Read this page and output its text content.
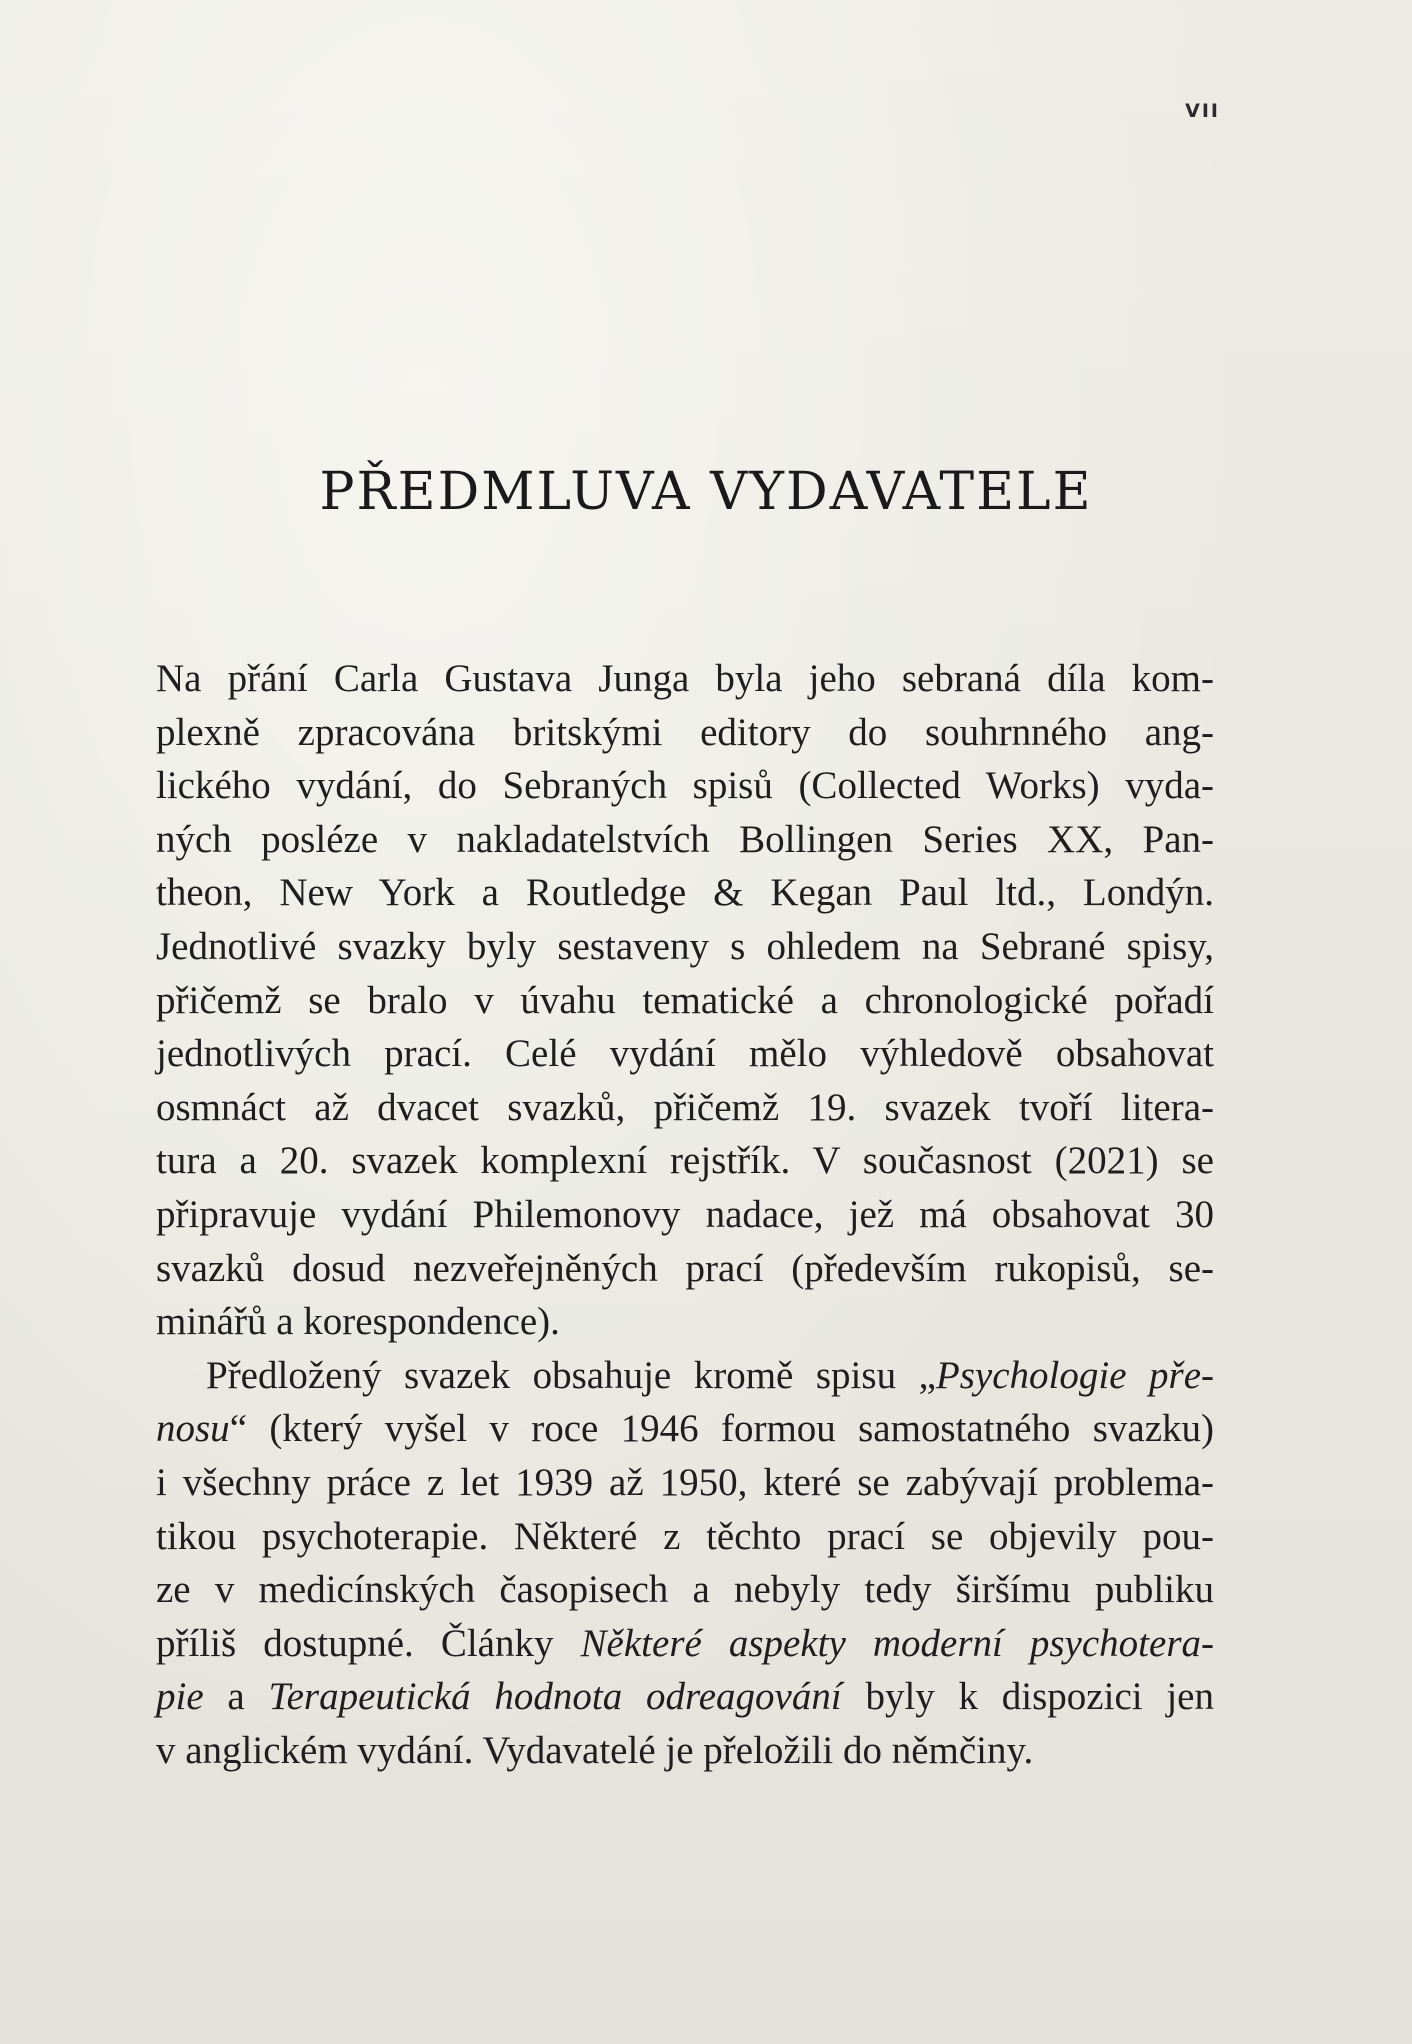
VII
PŘEDMLUVA VYDAVATELE
Na přání Carla Gustava Junga byla jeho sebraná díla kom-
plexně zpracována britskými editory do souhrnného ang-
lického vydání, do Sebraných spisů (Collected Works) vyda-
ných posléze v nakladatelstvích Bollingen Series XX, Pan-
theon, New York a Routledge & Kegan Paul ltd., Londýn.
Jednotlivé svazky byly sestaveny s ohledem na Sebrané spisy,
přičemž se bralo v úvahu tematické a chronologické pořadí
jednotlivých prací. Celé vydání mělo výhledově obsahovat
osmnáct až dvacet svazků, přičemž 19. svazek tvoří litera-
tura a 20. svazek komplexní rejstřík. V současnost (2021) se
připravuje vydání Philemonovy nadace, jež má obsahovat 30
svazků dosud nezveřejněných prací (především rukopisů, se-
minářů a korespondence).
Předložený svazek obsahuje kromě spisu „Psychologie pře-
nosu“ (který vyšel v roce 1946 formou samostatného svazku)
i všechny práce z let 1939 až 1950, které se zabývají problema-
tikou psychoterapie. Některé z těchto prací se objevily pou-
ze v medicínských časopisech a nebyly tedy širšímu publiku
příliš dostupné. Články Některé aspekty moderní psychotera-
pie a Terapeutická hodnota odreagování byly k dispozici jen
v anglickém vydání. Vydavatelé je přeložili do němčiny.
